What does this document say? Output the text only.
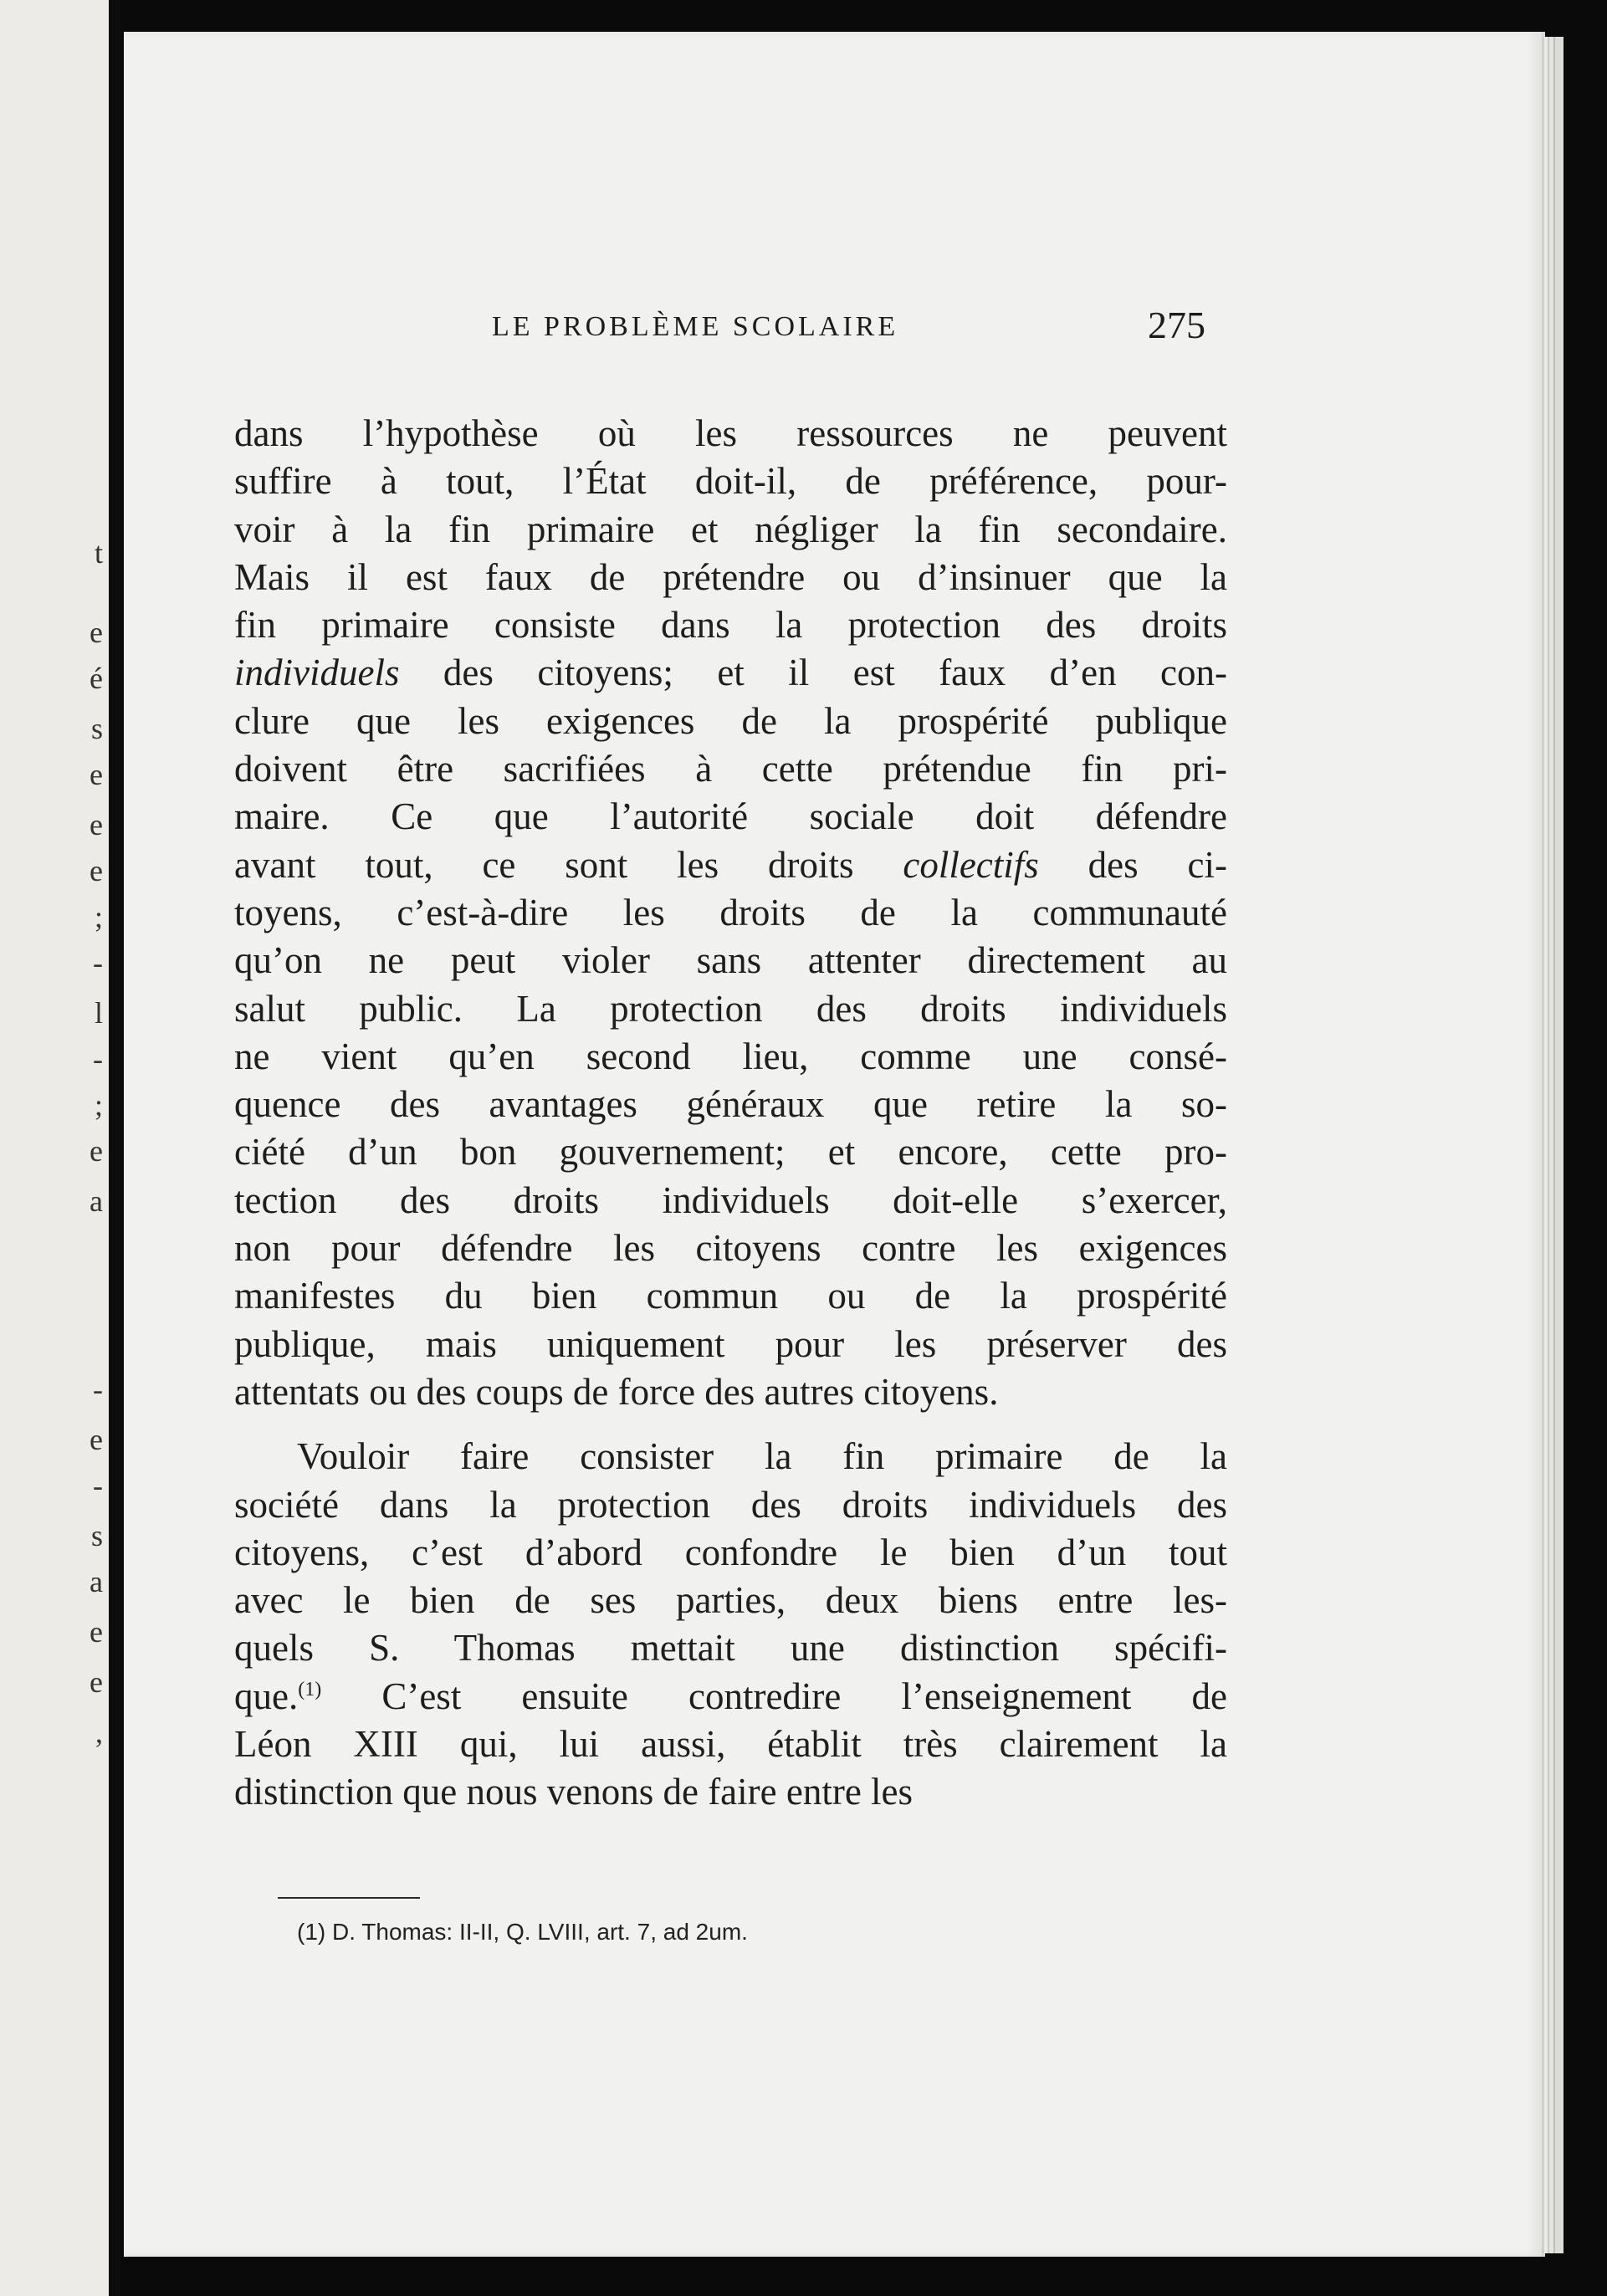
t
e
é
s
e
e
e
;
-
l
-
;
e
a
-
e
-
s
a
e
e
,
LE PROBLÈME SCOLAIRE	275
dans l’hypothèse où les ressources ne peuvent
suffire à tout, l’État doit-il, de préférence, pour-
voir à la fin primaire et négliger la fin secondaire.
Mais il est faux de prétendre ou d’insinuer que la
fin primaire consiste dans la protection des droits
individuels des citoyens; et il est faux d’en con-
clure que les exigences de la prospérité publique
doivent être sacrifiées à cette prétendue fin pri-
maire. Ce que l’autorité sociale doit défendre
avant tout, ce sont les droits collectifs des ci-
toyens, c’est-à-dire les droits de la communauté
qu’on ne peut violer sans attenter directement au
salut public. La protection des droits individuels
ne vient qu’en second lieu, comme une consé-
quence des avantages généraux que retire la so-
ciété d’un bon gouvernement; et encore, cette pro-
tection des droits individuels doit-elle s’exercer,
non pour défendre les citoyens contre les exigences
manifestes du bien commun ou de la prospérité
publique, mais uniquement pour les préserver des
attentats ou des coups de force des autres citoyens.
Vouloir faire consister la fin primaire de la
société dans la protection des droits individuels des
citoyens, c’est d’abord confondre le bien d’un tout
avec le bien de ses parties, deux biens entre les-
quels S. Thomas mettait une distinction spécifi-
que.$^{(1)}$ C’est ensuite contredire l’enseignement de
Léon XIII qui, lui aussi, établit très clairement la
distinction que nous venons de faire entre les
(1) D. Thomas: II-II, Q. LVIII, art. 7, ad 2um.
